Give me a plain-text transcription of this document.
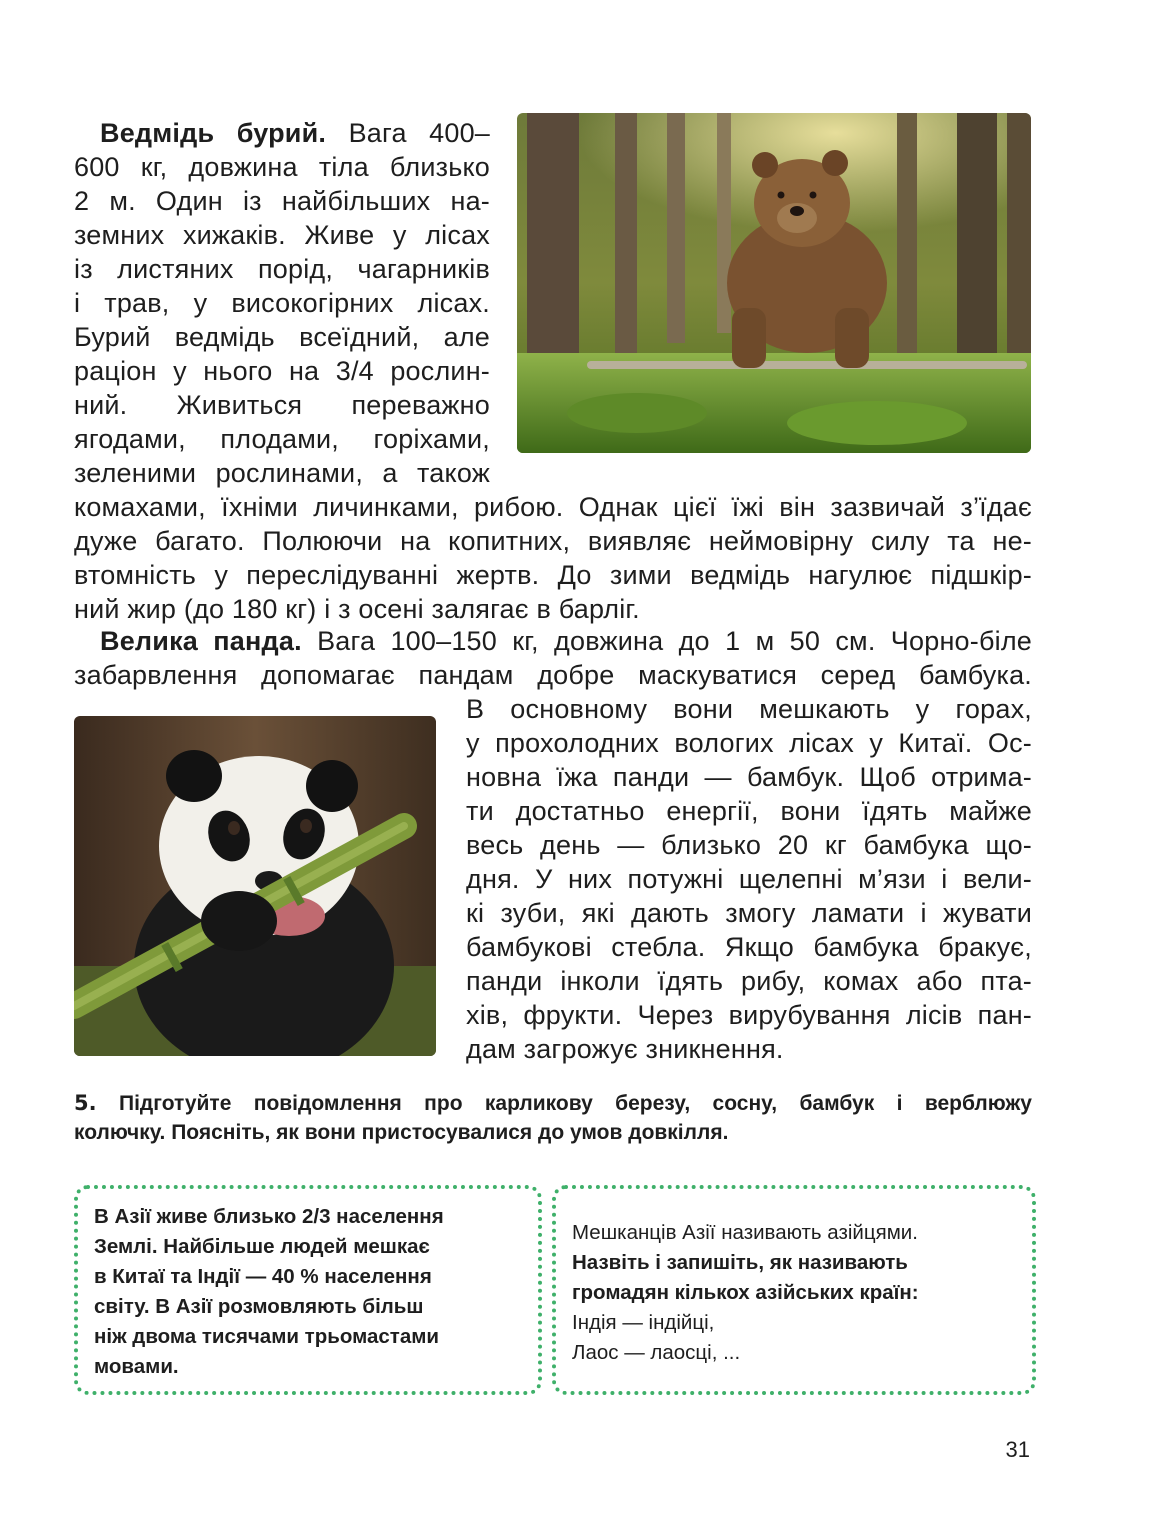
Ведмідь бурий. Вага 400–
600 кг, довжина тіла близько
2 м. Один із найбільших на-
земних хижаків. Живе у лісах
із листяних порід, чагарників
і трав, у високогірних лісах.
Бурий ведмідь всеїдний, але
раціон у нього на 3/4 рослин-
ний. Живиться переважно
ягодами, плодами, горіхами,
зеленими рослинами, а також
комахами, їхніми личинками, рибою. Однак цієї їжі він зазвичай з’їдає
дуже багато. Полюючи на копитних, виявляє неймовірну силу та не-
втомність у переслідуванні жертв. До зими ведмідь нагулює підшкір-
ний жир (до 180 кг) і з осені залягає в барліг.
Велика панда. Вага 100–150 кг, довжина до 1 м 50 см. Чорно-біле
забарвлення допомагає пандам добре маскуватися серед бамбука.
В основному вони мешкають у горах,
у прохолодних вологих лісах у Китаї. Ос-
новна їжа панди — бамбук. Щоб отрима-
ти достатньо енергії, вони їдять майже
весь день — близько 20 кг бамбука що-
дня. У них потужні щелепні м’язи і вели-
кі зуби, які дають змогу ламати і жувати
бамбукові стебла. Якщо бамбука бракує,
панди інколи їдять рибу, комах або пта-
хів, фрукти. Через вирубування лісів пан-
дам загрожує зникнення.
5. Підготуйте повідомлення про карликову березу, сосну, бамбук і верблюжу
колючку. Поясніть, як вони пристосувалися до умов довкілля.
В Азії живе близько 2/3 населення
Землі. Найбільше людей мешкає
в Китаї та Індії — 40 % населення
світу. В Азії розмовляють більш
ніж двома тисячами трьомастами
мовами.
Мешканців Азії називають азійцями.
Назвіть і запишіть, як називають
громадян кількох азійських країн:
Індія — індійці,
Лаос — лаосці, ...
31
